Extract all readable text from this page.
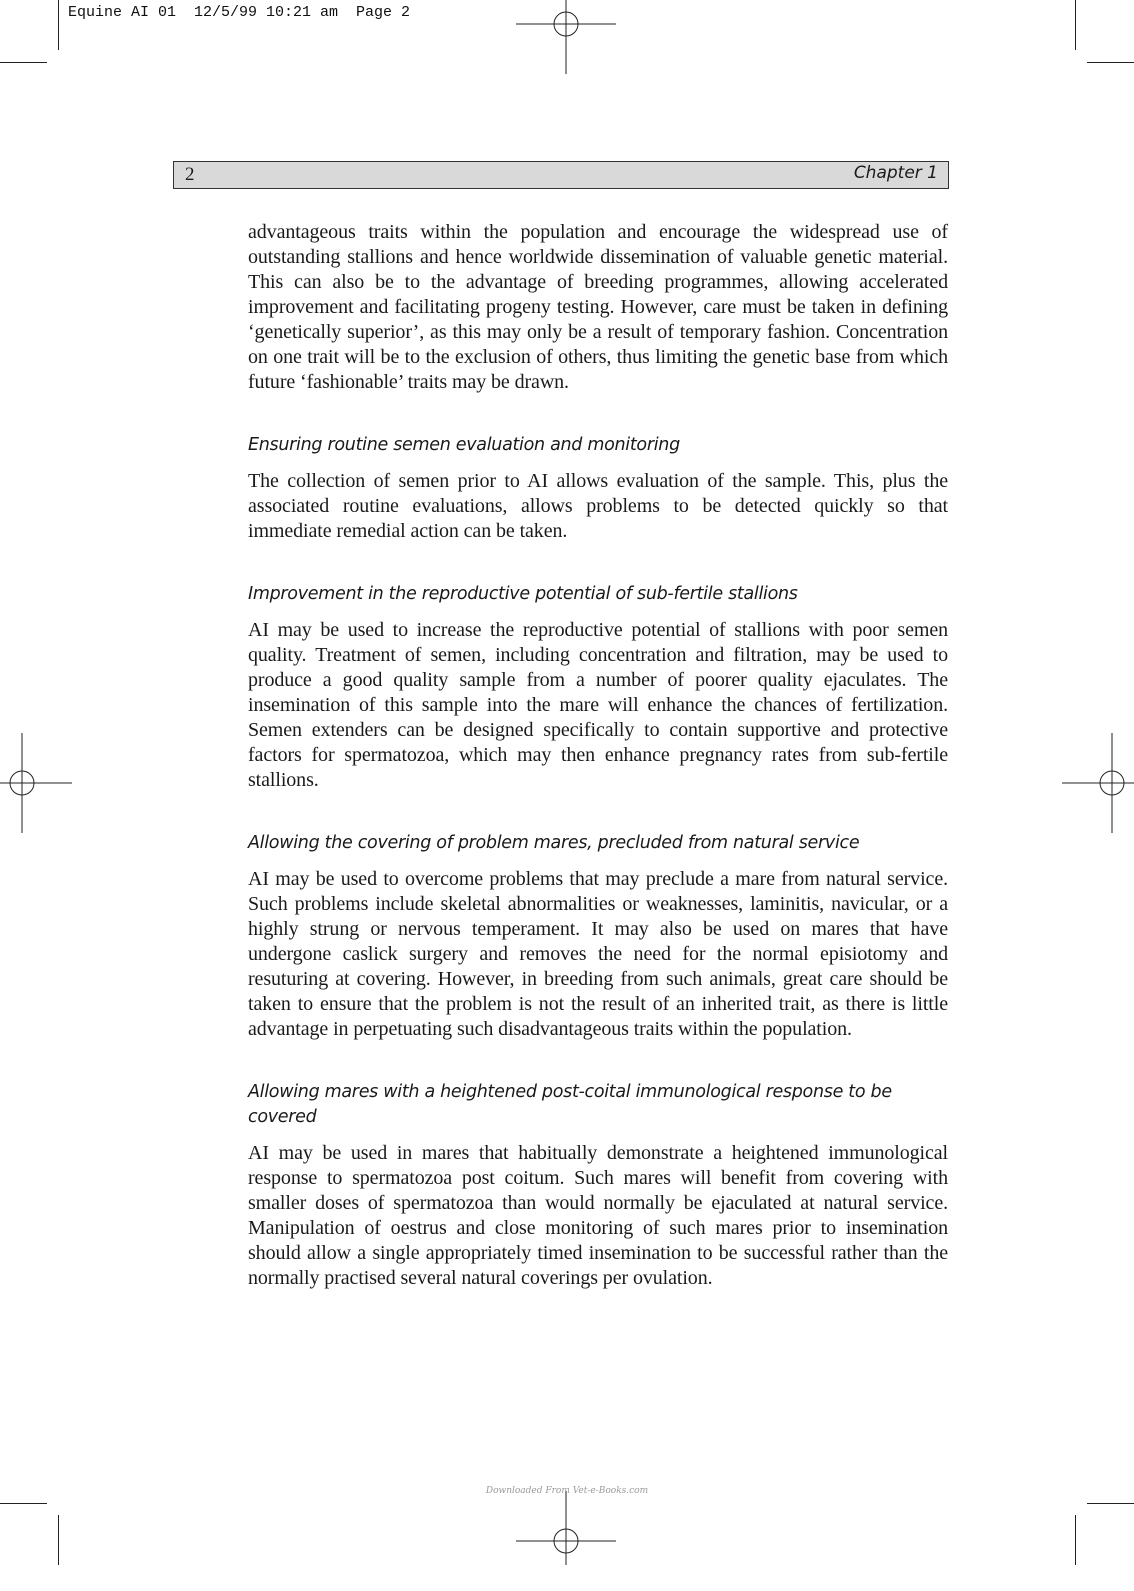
Equine AI 01  12/5/99 10:21 am  Page 2
2	Chapter 1

advantageous traits within the population and encourage the widespread use of outstanding stallions and hence worldwide dissemination of valuable genetic material. This can also be to the advantage of breeding programmes, allowing accelerated improvement and facilitating progeny testing. However, care must be taken in defining ‘genetically superior’, as this may only be a result of temporary fashion. Concentration on one trait will be to the exclusion of others, thus limiting the genetic base from which future ‘fashionable’ traits may be drawn.

Ensuring routine semen evaluation and monitoring

The collection of semen prior to AI allows evaluation of the sample. This, plus the associated routine evaluations, allows problems to be detected quickly so that immediate remedial action can be taken.

Improvement in the reproductive potential of sub-fertile stallions

AI may be used to increase the reproductive potential of stallions with poor semen quality. Treatment of semen, including concentration and filtration, may be used to produce a good quality sample from a number of poorer quality ejaculates. The insemination of this sample into the mare will enhance the chances of fertilization. Semen extenders can be designed specifically to contain supportive and protective factors for spermatozoa, which may then enhance pregnancy rates from sub-fertile stallions.

Allowing the covering of problem mares, precluded from natural service

AI may be used to overcome problems that may preclude a mare from natural service. Such problems include skeletal abnormalities or weaknesses, laminitis, navicular, or a highly strung or nervous temperament. It may also be used on mares that have undergone caslick surgery and removes the need for the normal episiotomy and resuturing at covering. However, in breeding from such animals, great care should be taken to ensure that the problem is not the result of an inherited trait, as there is little advantage in perpetuating such disadvantageous traits within the population.

Allowing mares with a heightened post-coital immunological response to be covered

AI may be used in mares that habitually demonstrate a heightened immunological response to spermatozoa post coitum. Such mares will benefit from covering with smaller doses of spermatozoa than would normally be ejaculated at natural service. Manipulation of oestrus and close monitoring of such mares prior to insemination should allow a single appropriately timed insemination to be successful rather than the normally practised several natural coverings per ovulation.

Downloaded From Vet-e-Books.com
